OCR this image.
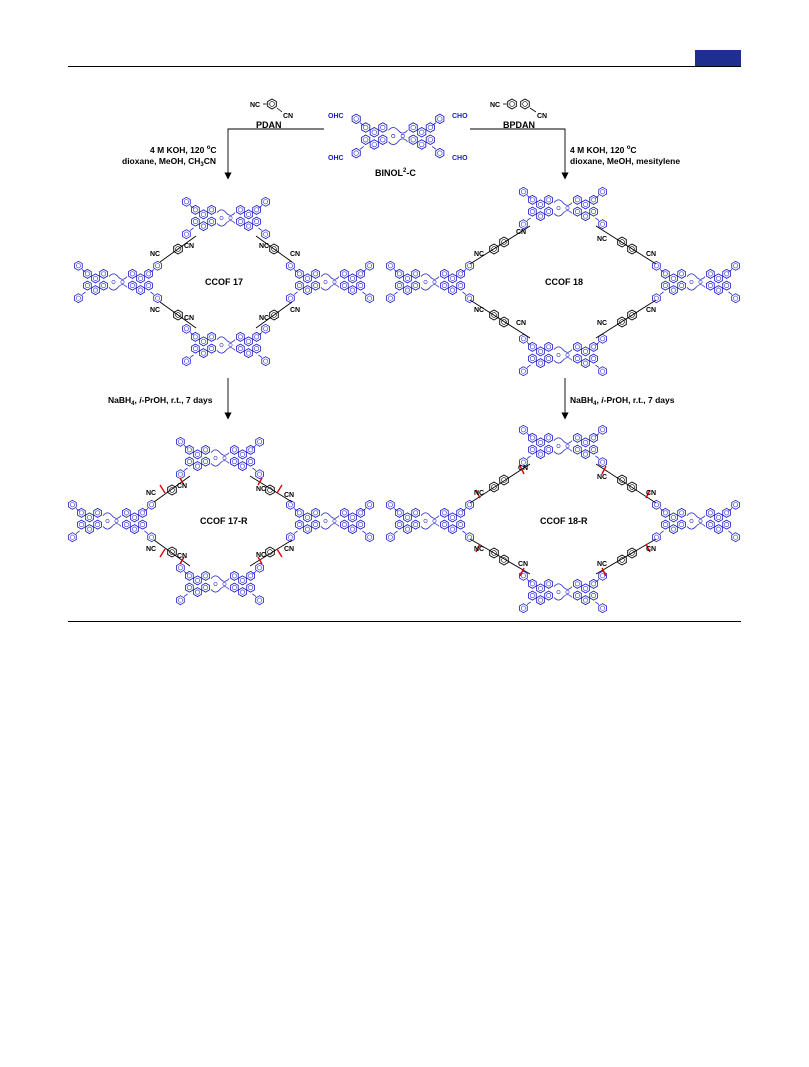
NC
CN
PDAN
OHC	CHO
OHC	CHO
BINOL$^2$-C
NC
CN
BPDAN
4 M KOH, 120 $^o$C
dioxane, MeOH, $CH_3CN$
4 M KOH, 120 $^o$C
dioxane, MeOH, mesitylene
NC
CN	NC
CN
NC
CN	NC
CN
CCOF 17
NC
CN
NC
CN
NC
CN	NC
CN
CCOF 18
NaBH$_4$, i-PrOH, r.t., 7 days	NaBH$_4$, i-PrOH, r.t., 7 days
NC
CN	NC
CN
NC
CN	NC
CN
CCOF 17-R
NC
CN
NC
CN
NC
CN	NC
CN
CCOF 18-R
